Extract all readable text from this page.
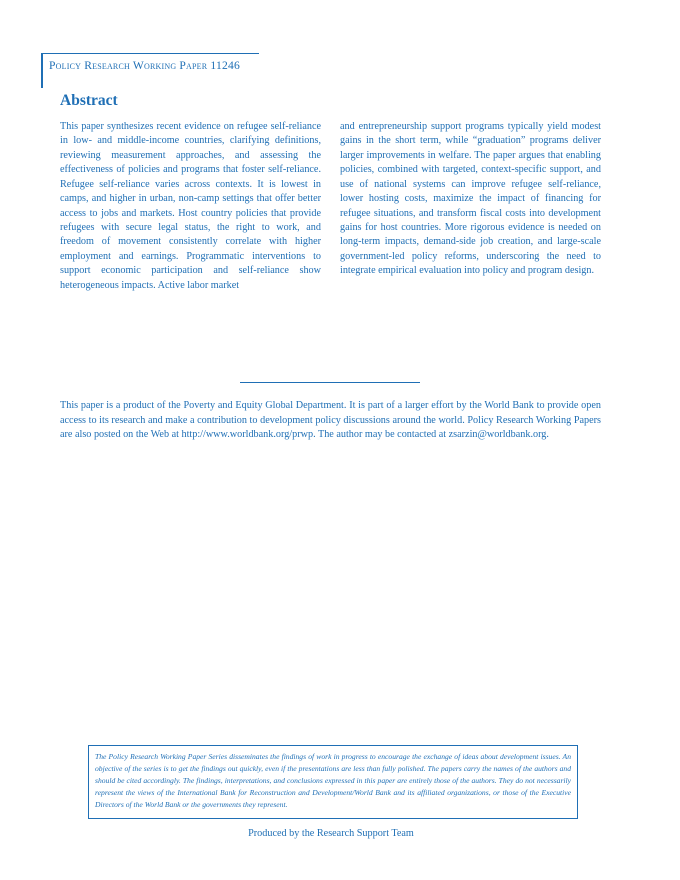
Policy Research Working Paper 11246
Abstract
This paper synthesizes recent evidence on refugee self-reliance in low- and middle-income countries, clarifying definitions, reviewing measurement approaches, and assessing the effectiveness of policies and programs that foster self-reliance. Refugee self-reliance varies across contexts. It is lowest in camps, and higher in urban, non-camp settings that offer better access to jobs and markets. Host country policies that provide refugees with secure legal status, the right to work, and freedom of movement consistently correlate with higher employment and earnings. Programmatic interventions to support economic participation and self-reliance show heterogeneous impacts. Active labor market
and entrepreneurship support programs typically yield modest gains in the short term, while “graduation” programs deliver larger improvements in welfare. The paper argues that enabling policies, combined with targeted, context-specific support, and use of national systems can improve refugee self-reliance, lower hosting costs, maximize the impact of financing for refugee situations, and transform fiscal costs into development gains for host countries. More rigorous evidence is needed on long-term impacts, demand-side job creation, and large-scale government-led policy reforms, underscoring the need to integrate empirical evaluation into policy and program design.

This paper is a product of the Poverty and Equity Global Department. It is part of a larger effort by the World Bank to provide open access to its research and make a contribution to development policy discussions around the world. Policy Research Working Papers are also posted on the Web at http://www.worldbank.org/prwp. The author may be contacted at zsarzin@worldbank.org.

The Policy Research Working Paper Series disseminates the findings of work in progress to encourage the exchange of ideas about development issues. An objective of the series is to get the findings out quickly, even if the presentations are less than fully polished. The papers carry the names of the authors and should be cited accordingly. The findings, interpretations, and conclusions expressed in this paper are entirely those of the authors. They do not necessarily represent the views of the International Bank for Reconstruction and Development/World Bank and its affiliated organizations, or those of the Executive Directors of the World Bank or the governments they represent.

Produced by the Research Support Team
